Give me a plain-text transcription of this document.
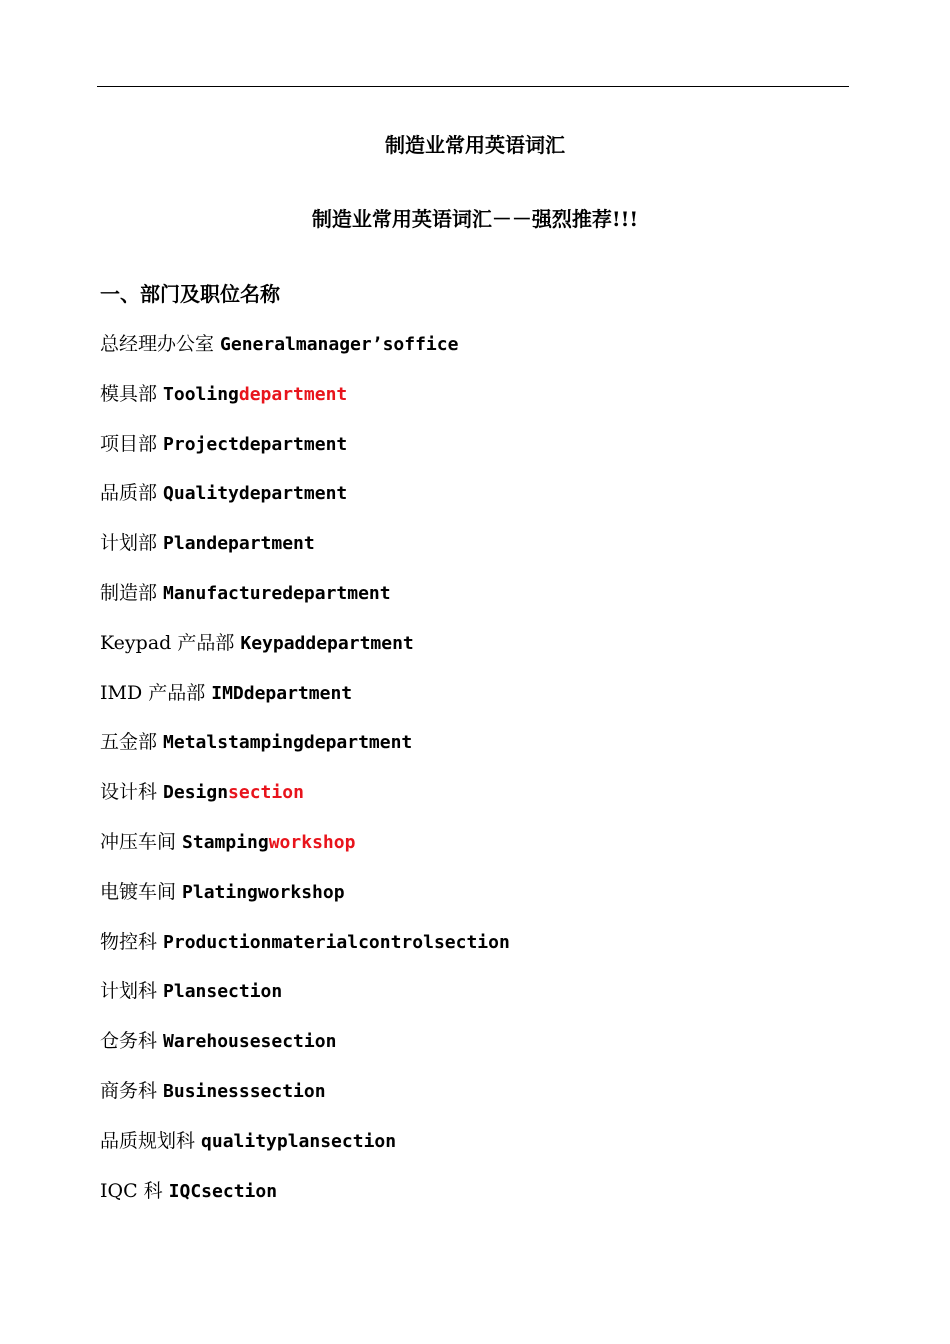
制造业常用英语词汇
制造业常用英语词汇－－强烈推荐!!!
一、部门及职位名称
总经理办公室 Generalmanager’soffice
模具部 Toolingdepartment
项目部 Projectdepartment
品质部 Qualitydepartment
计划部 Plandepartment
制造部 Manufacturedepartment
Keypad 产品部 Keypaddepartment
IMD 产品部 IMDdepartment
五金部 Metalstampingdepartment
设计科 Designsection
冲压车间 Stampingworkshop
电镀车间 Platingworkshop
物控科 Productionmaterialcontrolsection
计划科 Plansection
仓务科 Warehousesection
商务科 Businesssection
品质规划科 qualityplansection
IQC 科 IQCsection
